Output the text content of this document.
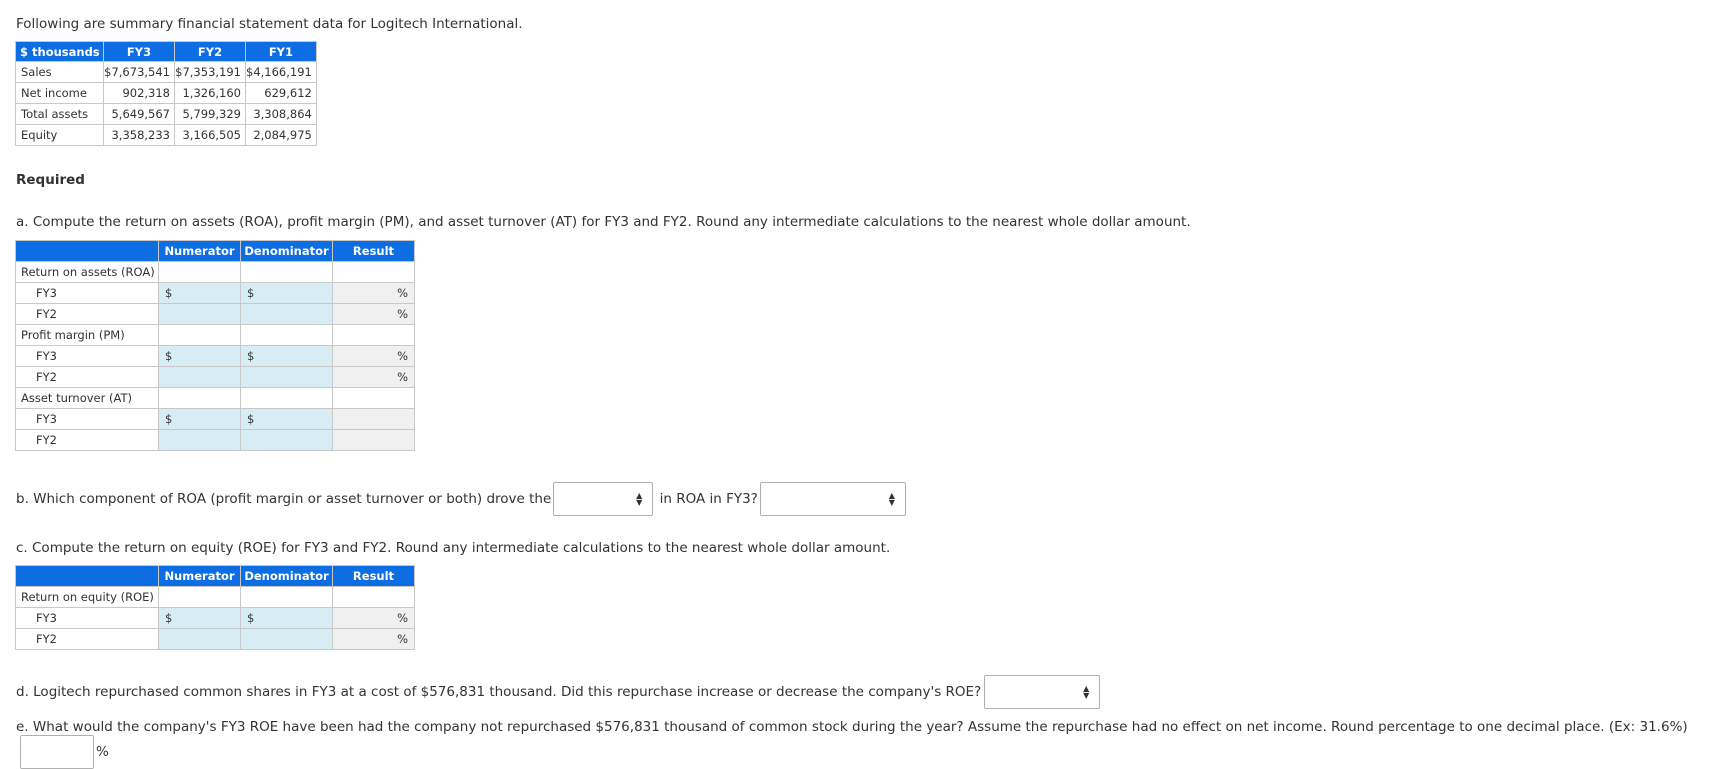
Following are summary financial statement data for Logitech International.
$ thousands	FY3	FY2	FY1
Sales	$7,673,541	$7,353,191	$4,166,191
Net income	902,318	1,326,160	629,612
Total assets	5,649,567	5,799,329	3,308,864
Equity	3,358,233	3,166,505	2,084,975
Required
a. Compute the return on assets (ROA), profit margin (PM), and asset turnover (AT) for FY3 and FY2. Round any intermediate calculations to the nearest whole dollar amount.
	Numerator	Denominator	Result
Return on assets (ROA)			
FY3	$	$	%
FY2			%
Profit margin (PM)			
FY3	$	$	%
FY2			%
Asset turnover (AT)			
FY3	$	$	
FY2			
b. Which component of ROA (profit margin or asset turnover or both) drove the	▲
▼ in ROA in FY3?	▲
▼
c. Compute the return on equity (ROE) for FY3 and FY2. Round any intermediate calculations to the nearest whole dollar amount.
	Numerator	Denominator	Result
Return on equity (ROE)			
FY3	$	$	%
FY2			%
d. Logitech repurchased common shares in FY3 at a cost of $576,831 thousand. Did this repurchase increase or decrease the company's ROE?	▲
▼
e. What would the company's FY3 ROE have been had the company not repurchased $576,831 thousand of common stock during the year? Assume the repurchase had no effect on net income. Round percentage to one decimal place. (Ex: 31.6%)%
